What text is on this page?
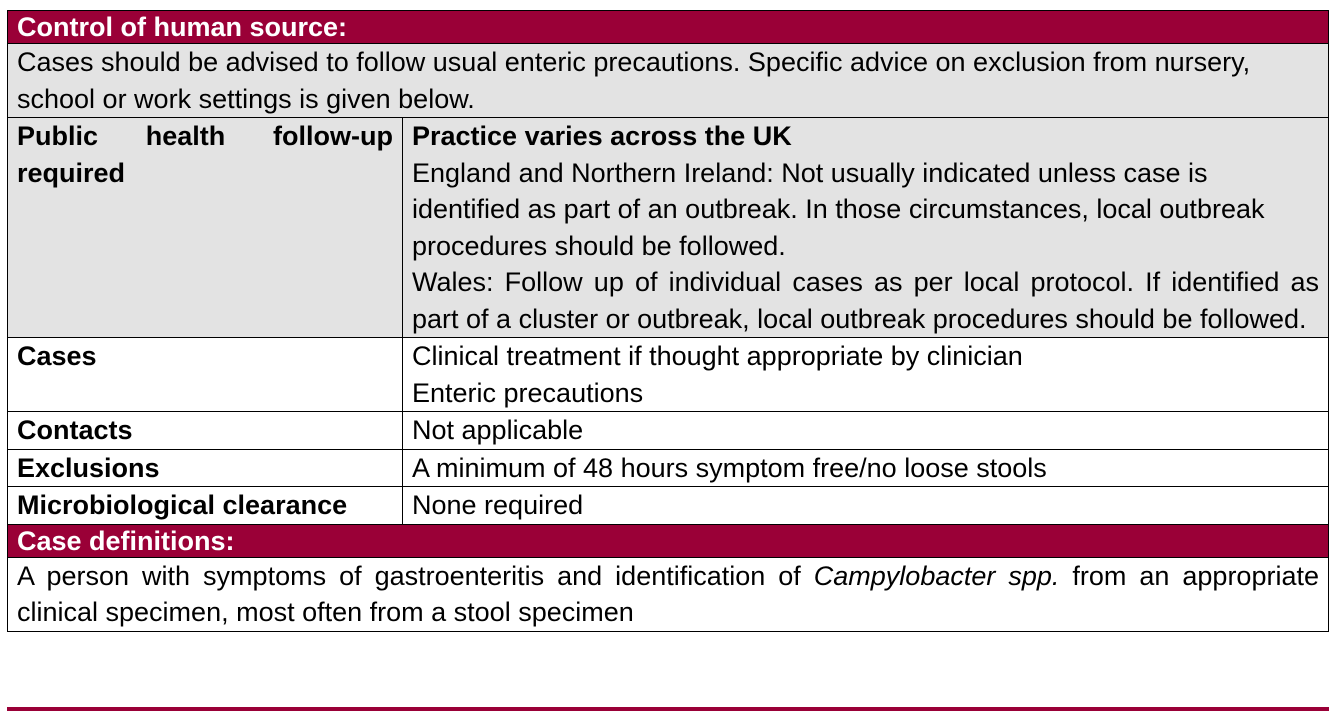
Control of human source:	
Cases should be advised to follow usual enteric precautions. Specific advice on exclusion from nursery, school or work settings is given below.	
Public health follow-up required	Practice varies across the UK
England and Northern Ireland: Not usually indicated unless case is identified as part of an outbreak. In those circumstances, local outbreak procedures should be followed.
Wales: Follow up of individual cases as per local protocol. If identified as part of a cluster or outbreak, local outbreak procedures should be followed.

Cases	Clinical treatment if thought appropriate by clinician
Enteric precautions

Contacts	Not applicable
Exclusions	A minimum of 48 hours symptom free/no loose stools
Microbiological clearance	None required
Case definitions:	
A person with symptoms of gastroenteritis and identification of Campylobacter spp. from an appropriate clinical specimen, most often from a stool specimen	
